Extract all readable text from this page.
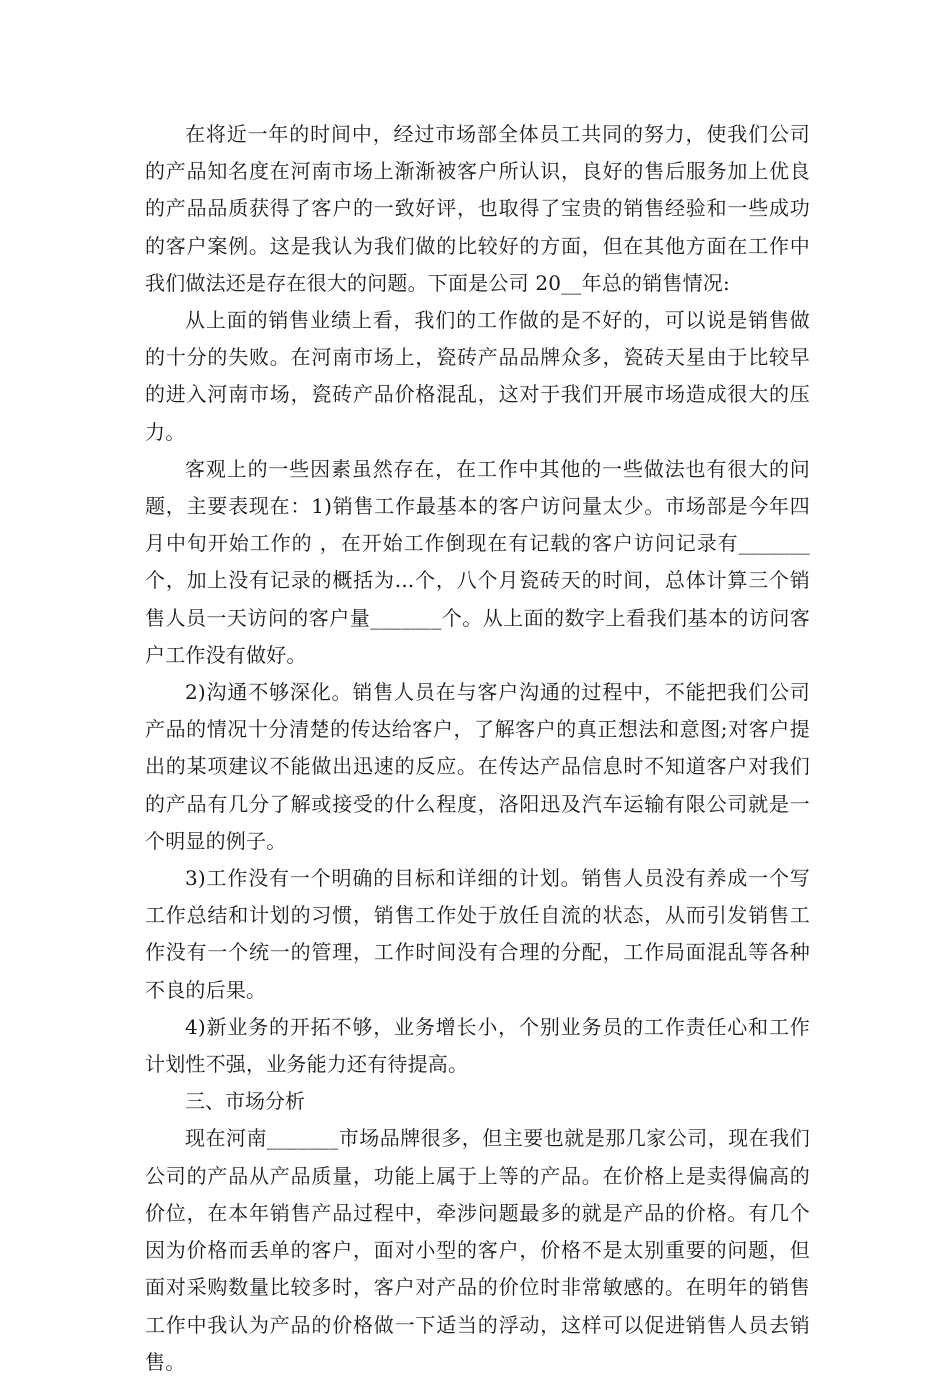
在将近一年的时间中，经过市场部全体员工共同的努力，使我们公司的产品知名度在河南市场上渐渐被客户所认识，良好的售后服务加上优良的产品品质获得了客户的一致好评，也取得了宝贵的销售经验和一些成功的客户案例。这是我认为我们做的比较好的方面，但在其他方面在工作中我们做法还是存在很大的问题。下面是公司 20__年总的销售情况:

从上面的销售业绩上看，我们的工作做的是不好的，可以说是销售做的十分的失败。在河南市场上，瓷砖产品品牌众多，瓷砖天星由于比较早的进入河南市场，瓷砖产品价格混乱，这对于我们开展市场造成很大的压力。

客观上的一些因素虽然存在，在工作中其他的一些做法也有很大的问题，主要表现在：1)销售工作最基本的客户访问量太少。市场部是今年四月中旬开始工作的 ，在开始工作倒现在有记载的客户访问记录有_______个，加上没有记录的概括为...个，八个月瓷砖天的时间，总体计算三个销售人员一天访问的客户量_______个。从上面的数字上看我们基本的访问客户工作没有做好。

2)沟通不够深化。销售人员在与客户沟通的过程中，不能把我们公司产品的情况十分清楚的传达给客户，了解客户的真正想法和意图;对客户提出的某项建议不能做出迅速的反应。在传达产品信息时不知道客户对我们的产品有几分了解或接受的什么程度，洛阳迅及汽车运输有限公司就是一个明显的例子。

3)工作没有一个明确的目标和详细的计划。销售人员没有养成一个写工作总结和计划的习惯，销售工作处于放任自流的状态，从而引发销售工作没有一个统一的管理，工作时间没有合理的分配，工作局面混乱等各种不良的后果。

4)新业务的开拓不够，业务增长小，个别业务员的工作责任心和工作计划性不强，业务能力还有待提高。

三、市场分析

现在河南_______市场品牌很多，但主要也就是那几家公司，现在我们公司的产品从产品质量，功能上属于上等的产品。在价格上是卖得偏高的价位，在本年销售产品过程中，牵涉问题最多的就是产品的价格。有几个因为价格而丢单的客户，面对小型的客户，价格不是太别重要的问题，但面对采购数量比较多时，客户对产品的价位时非常敏感的。在明年的销售工作中我认为产品的价格做一下适当的浮动，这样可以促进销售人员去销售。
